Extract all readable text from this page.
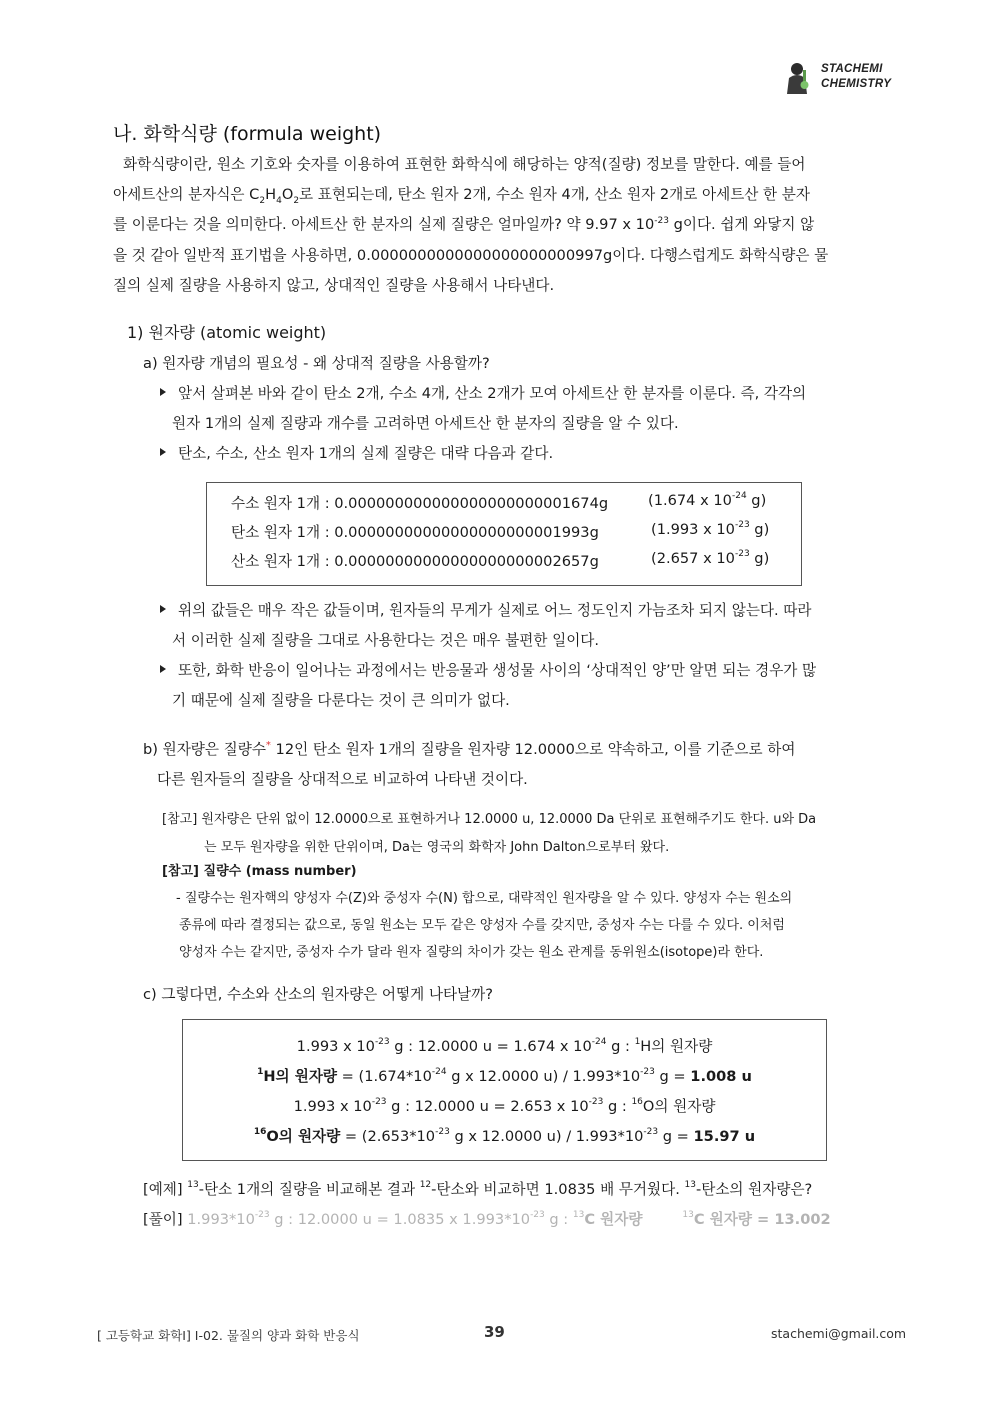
STACHEMI
CHEMISTRY
나. 화학식량 (formula weight)
화학식량이란, 원소 기호와 숫자를 이용하여 표현한 화학식에 해당하는 양적(질량) 정보를 말한다. 예를 들어
아세트산의 분자식은 $C_2H_4O_2$로 표현되는데, 탄소 원자 2개, 수소 원자 4개, 산소 원자 2개로 아세트산 한 분자
를 이룬다는 것을 의미한다. 아세트산 한 분자의 실제 질량은 얼마일까? 약 9.97 x $10^{-23}$ g이다. 쉽게 와닿지 않
을 것 같아 일반적 표기법을 사용하면, 0.0000000000000000000000997g이다. 다행스럽게도 화학식량은 물
질의 실제 질량을 사용하지 않고, 상대적인 질량을 사용해서 나타낸다.
1) 원자량 (atomic weight)
a) 원자량 개념의 필요성 - 왜 상대적 질량을 사용할까?
앞서 살펴본 바와 같이 탄소 2개, 수소 4개, 산소 2개가 모여 아세트산 한 분자를 이룬다. 즉, 각각의
원자 1개의 실제 질량과 개수를 고려하면 아세트산 한 분자의 질량을 알 수 있다.
탄소, 수소, 산소 원자 1개의 실제 질량은 대략 다음과 같다.
수소 원자 1개 : 0.000000000000000000000001674g	(1.674 x $10^{-24}$ g)
탄소 원자 1개 : 0.00000000000000000000001993g	(1.993 x $10^{-23}$ g)
산소 원자 1개 : 0.00000000000000000000002657g	(2.657 x $10^{-23}$ g)
위의 값들은 매우 작은 값들이며, 원자들의 무게가 실제로 어느 정도인지 가늠조차 되지 않는다. 따라
서 이러한 실제 질량을 그대로 사용한다는 것은 매우 불편한 일이다.
또한, 화학 반응이 일어나는 과정에서는 반응물과 생성물 사이의 ‘상대적인 양’만 알면 되는 경우가 많
기 때문에 실제 질량을 다룬다는 것이 큰 의미가 없다.
b) 원자량은 질량수* 12인 탄소 원자 1개의 질량을 원자량 12.0000으로 약속하고, 이를 기준으로 하여
다른 원자들의 질량을 상대적으로 비교하여 나타낸 것이다.
[참고] 원자량은 단위 없이 12.0000으로 표현하거나 12.0000 u, 12.0000 Da 단위로 표현해주기도 한다. u와 Da
는 모두 원자량을 위한 단위이며, Da는 영국의 화학자 John Dalton으로부터 왔다.
[참고] 질량수 (mass number)
- 질량수는 원자핵의 양성자 수(Z)와 중성자 수(N) 합으로, 대략적인 원자량을 알 수 있다. 양성자 수는 원소의
종류에 따라 결정되는 값으로, 동일 원소는 모두 같은 양성자 수를 갖지만, 중성자 수는 다를 수 있다. 이처럼
양성자 수는 같지만, 중성자 수가 달라 원자 질량의 차이가 갖는 원소 관계를 동위원소(isotope)라 한다.
c) 그렇다면, 수소와 산소의 원자량은 어떻게 나타날까?
1.993 x $10^{-23}$ g : 12.0000 u = 1.674 x $10^{-24}$ g : $^1$H의 원자량
$^1$H의 원자량 = ($1.674*10^{-24}$ g x 12.0000 $u) / 1.993*10^{-23}$ g = 1.008 u
1.993 x $10^{-23}$ g : 12.0000 u = 2.653 x $10^{-23}$ g : $^{16}$O의 원자량
$^{16}$O의 원자량 = ($2.653*10^{-23}$ g x 12.0000 $u) / 1.993*10^{-23}$ g = 15.97 u
[예제] $^{13}$-탄소 1개의 질량을 비교해본 결과 $^{12}$-탄소와 비교하면 1.0835 배 무거웠다. $^{13}$-탄소의 원자량은?
[풀이] $1.993*10^{-23}$ g : 12.0000 u = 1.0835 x $1.993*10^{-23}$ g : $^{13}$C 원자량	$^{13}$C 원자량 = 13.002
[ 고등학교 화학Ⅰ] Ⅰ-02. 물질의 양과 화학 반응식	39	stachemi@gmail.com
